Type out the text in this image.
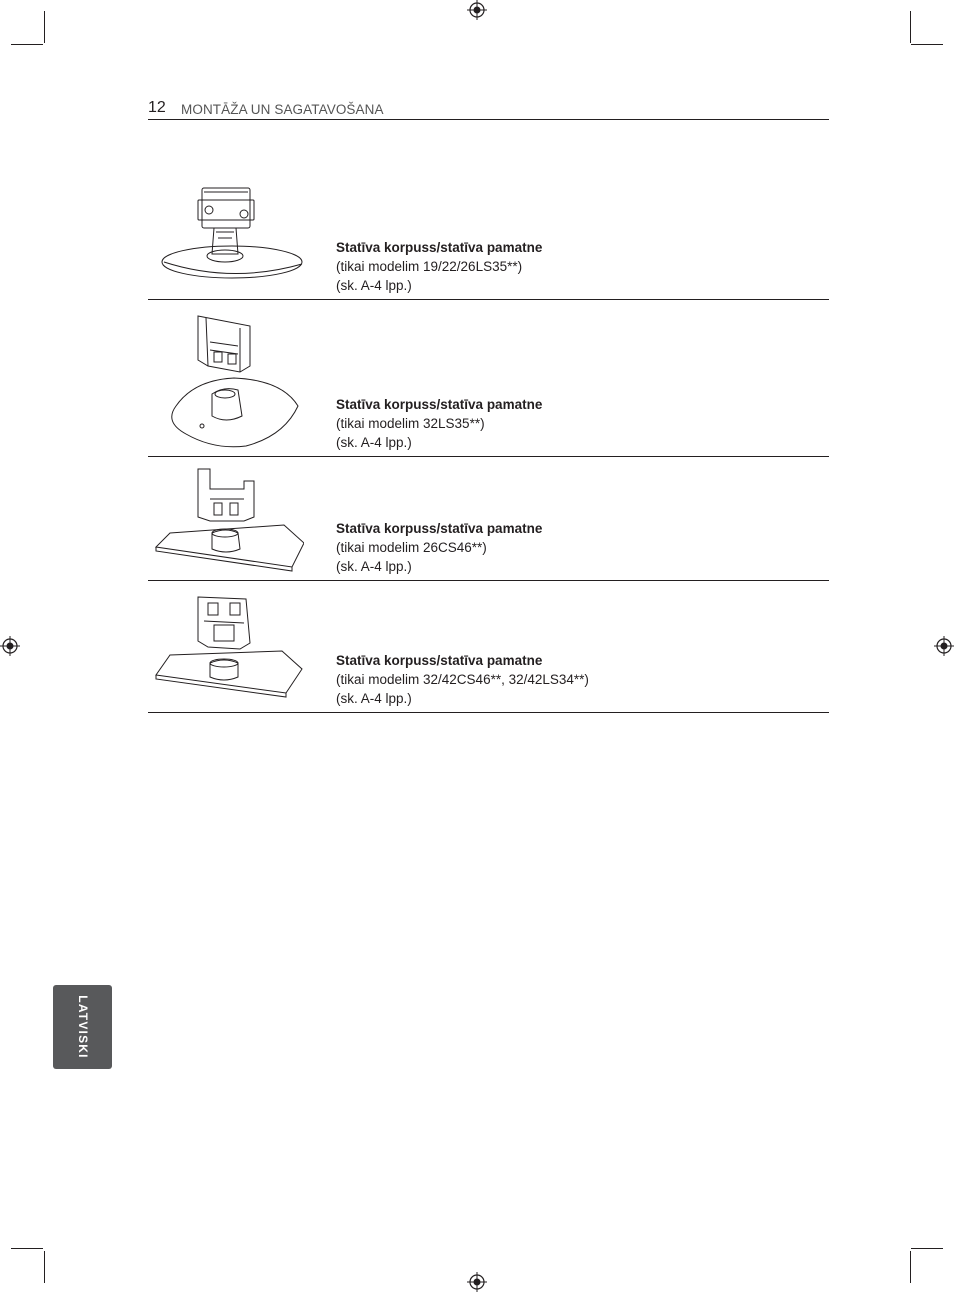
12 MONTĀŽA UN SAGATAVOŠANA
Statīva korpuss/statīva pamatne
(tikai modelim 19/22/26LS35**)
(sk. A-4 lpp.)
Statīva korpuss/statīva pamatne
(tikai modelim 32LS35**)
(sk. A-4 lpp.)
Statīva korpuss/statīva pamatne
(tikai modelim 26CS46**)
(sk. A-4 lpp.)
Statīva korpuss/statīva pamatne
(tikai modelim 32/42CS46**, 32/42LS34**)
(sk. A-4 lpp.)
LATVISKI
